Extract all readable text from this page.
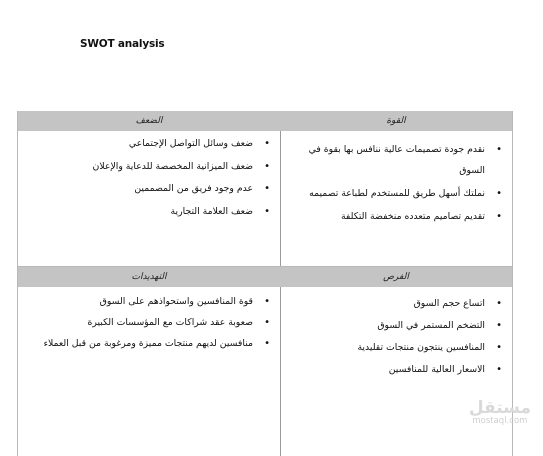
SWOT analysis
الضعف	القوة
• ضعف وسائل التواصل الإجتماعي
• ضعف الميزانية المخصصة للدعاية والإعلان
• عدم وجود فريق من المصممين
• ضعف العلامة التجارية
• نقدم جودة تصميمات عالية ننافس بها بقوة في السوق
• نملتك أسهل طريق للمستخدم لطباعة تصميمه
• تقديم تصاميم متعدده منخفضة التكلفة
التهديدات	الفرص
• قوة المنافسين واستحواذهم على السوق
• صعوبة عقد شراكات مع المؤسسات الكبيرة
• منافسين لديهم منتجات مميزة ومرغوبة من قبل العملاء
• اتساع حجم السوق
• التضخم المستمر في السوق
• المنافسين ينتجون منتجات تقليدية
• الاسعار العالية للمنافسين
مستقل
mostaql.com
